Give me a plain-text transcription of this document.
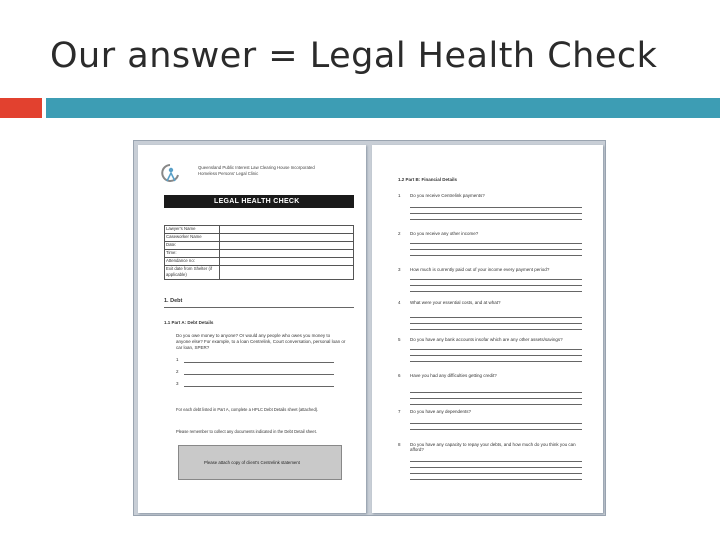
Our answer = Legal Health Check
Queensland Public Interest Law Clearing House Incorporated
Homeless Persons' Legal Clinic
LEGAL HEALTH CHECK
Lawyer's Name	
Caseworker Name	
Date:	
Time:	
Attendance no:	
Exit date from Shelter (if applicable)	
1. Debt
1.1 Part A: Debt Details
Do you owe money to anyone? Or would any people who owes you money to
anyone else? For example, to a loan Centrelink, Court conversation, personal loan or
car loan, SPER?
1
2
3
For each debt listed in Part A, complete a HPLC Debt Details sheet (attached).
Please remember to collect any documents indicated in the Debt Detail sheet.
Please attach copy of client's Centrelink statement
1.2 Part B: Financial Details
1 Do you receive Centrelink payments?
2 Do you receive any other income?
3 How much is currently paid out of your income every payment period?
4 What were your essential costs, and at what?
5 Do you have any bank accounts insofar which are any other assets/savings?
6 Have you had any difficulties getting credit?
7 Do you have any dependents?
8 Do you have any capacity to repay your debts, and how much do you think you can afford?
